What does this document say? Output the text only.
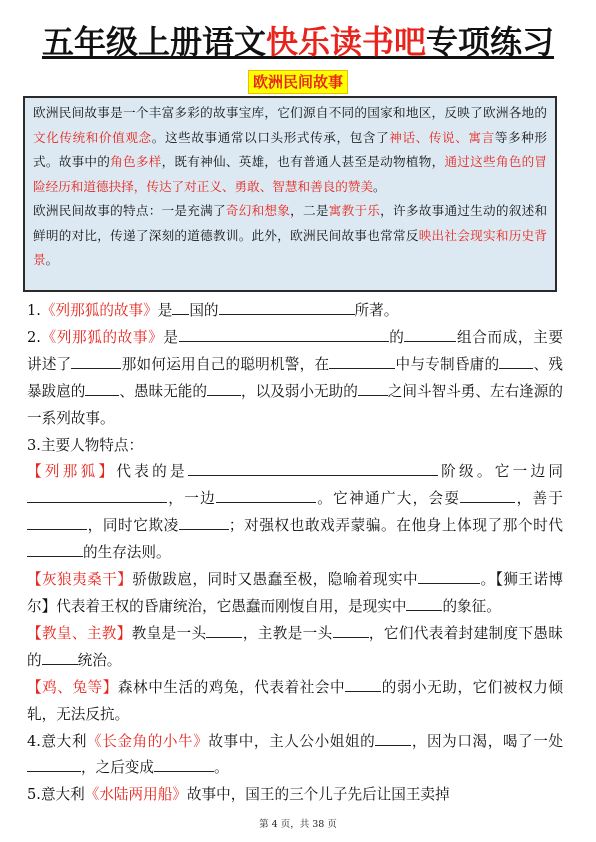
五年级上册语文快乐读书吧专项练习
欧洲民间故事

欧洲民间故事是一个丰富多彩的故事宝库，它们源自不同的国家和地区，反映了欧洲各地的文化传统和价值观念。这些故事通常以口头形式传承，包含了神话、传说、寓言等多种形式。故事中的角色多样，既有神仙、英雄，也有普通人甚至是动物植物，通过这些角色的冒险经历和道德抉择，传达了对正义、勇敢、智慧和善良的赞美。

欧洲民间故事的特点：一是充满了奇幻和想象，二是寓教于乐，许多故事通过生动的叙述和鲜明的对比，传递了深刻的道德教训。此外，欧洲民间故事也常常反映出社会现实和历史背景。

1.《列那狐的故事》是 国的	所著。

2.《列那狐的故事》是	的	组合而成，主要讲述了	那如何运用自己的聪明机警，在	中与专制昏庸的 、残暴跋扈的 、愚昧无能的 ，以及弱小无助的 之间斗智斗勇、左右逢源的一系列故事。

3.主要人物特点：

【列那狐】代表的是	阶级。它一边同，一边	。它神通广大，会耍	，善于，同时它欺凌	；对强权也敢戏弄蒙骗。在他身上体现了那个时代的生存法则。

【灰狼夷桑干】骄傲跋扈，同时又愚蠢至极，隐喻着现实中	。【狮王诺博尔】代表着王权的昏庸统治，它愚蠢而刚愎自用，是现实中 的象征。

【教皇、主教】教皇是一头 ，主教是一头 ，它们代表着封建制度下愚昧的 统治。

【鸡、兔等】森林中生活的鸡兔，代表着社会中 的弱小无助，它们被权力倾轧，无法反抗。

4.意大利《长金角的小牛》故事中，主人公小姐姐的 ，因为口渴，喝了一处，之后变成	。

5.意大利《水陆两用船》故事中，国王的三个儿子先后让国王卖掉

第 4 页，共 38 页
